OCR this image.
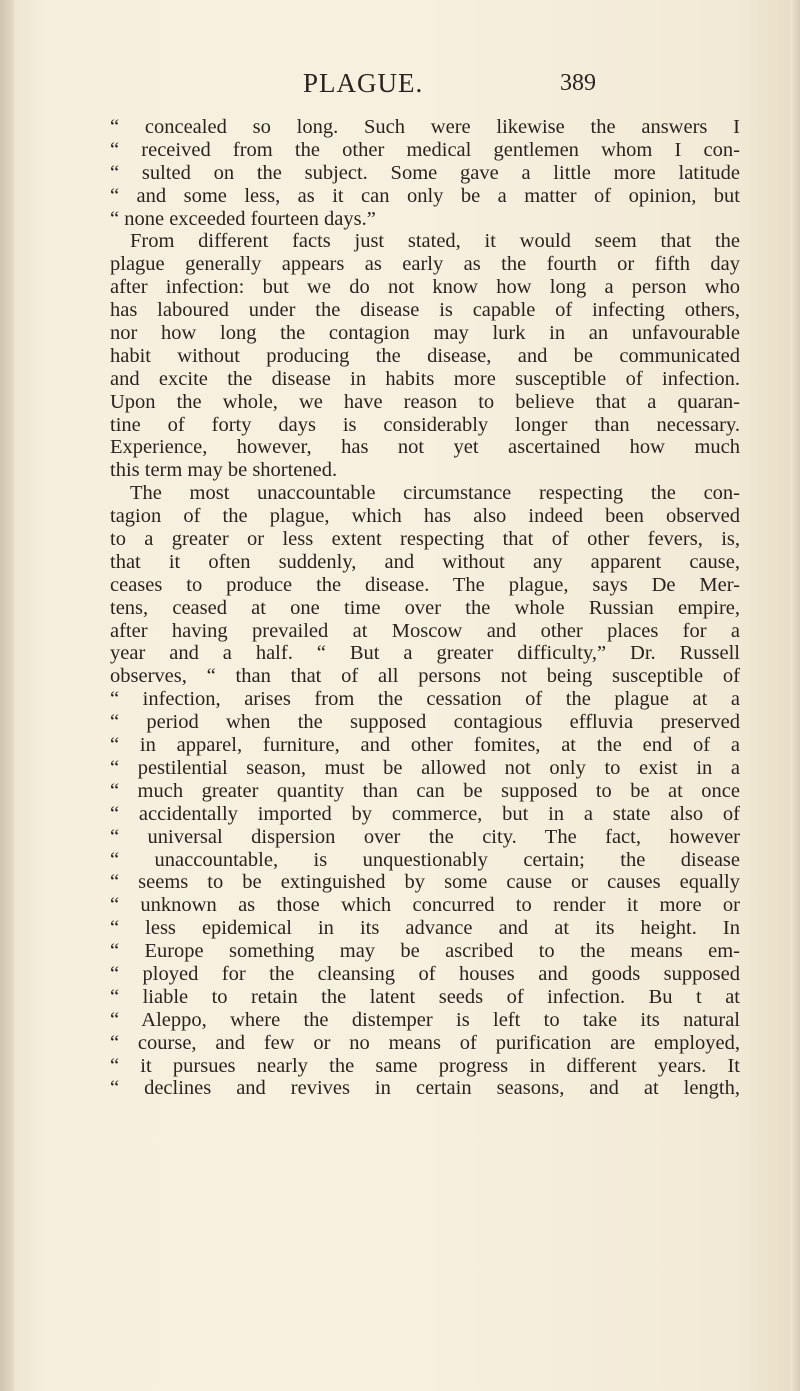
PLAGUE.	389
“ concealed so long. Such were likewise the answers I
“ received from the other medical gentlemen whom I con-
“ sulted on the subject. Some gave a little more latitude
“ and some less, as it can only be a matter of opinion, but
“ none exceeded fourteen days.”
From different facts just stated, it would seem that the
plague generally appears as early as the fourth or fifth day
after infection: but we do not know how long a person who
has laboured under the disease is capable of infecting others,
nor how long the contagion may lurk in an unfavourable
habit without producing the disease, and be communicated
and excite the disease in habits more susceptible of infection.
Upon the whole, we have reason to believe that a quaran-
tine of forty days is considerably longer than necessary.
Experience, however, has not yet ascertained how much
this term may be shortened.
The most unaccountable circumstance respecting the con-
tagion of the plague, which has also indeed been observed
to a greater or less extent respecting that of other fevers, is,
that it often suddenly, and without any apparent cause,
ceases to produce the disease. The plague, says De Mer-
tens, ceased at one time over the whole Russian empire,
after having prevailed at Moscow and other places for a
year and a half. “ But a greater difficulty,” Dr. Russell
observes, “ than that of all persons not being susceptible of
“ infection, arises from the cessation of the plague at a
“ period when the supposed contagious effluvia preserved
“ in apparel, furniture, and other fomites, at the end of a
“ pestilential season, must be allowed not only to exist in a
“ much greater quantity than can be supposed to be at once
“ accidentally imported by commerce, but in a state also of
“ universal dispersion over the city. The fact, however
“ unaccountable, is unquestionably certain; the disease
“ seems to be extinguished by some cause or causes equally
“ unknown as those which concurred to render it more or
“ less epidemical in its advance and at its height. In
“ Europe something may be ascribed to the means em-
“ ployed for the cleansing of houses and goods supposed
“ liable to retain the latent seeds of infection. Bu t at
“ Aleppo, where the distemper is left to take its natural
“ course, and few or no means of purification are employed,
“ it pursues nearly the same progress in different years. It
“ declines and revives in certain seasons, and at length,
